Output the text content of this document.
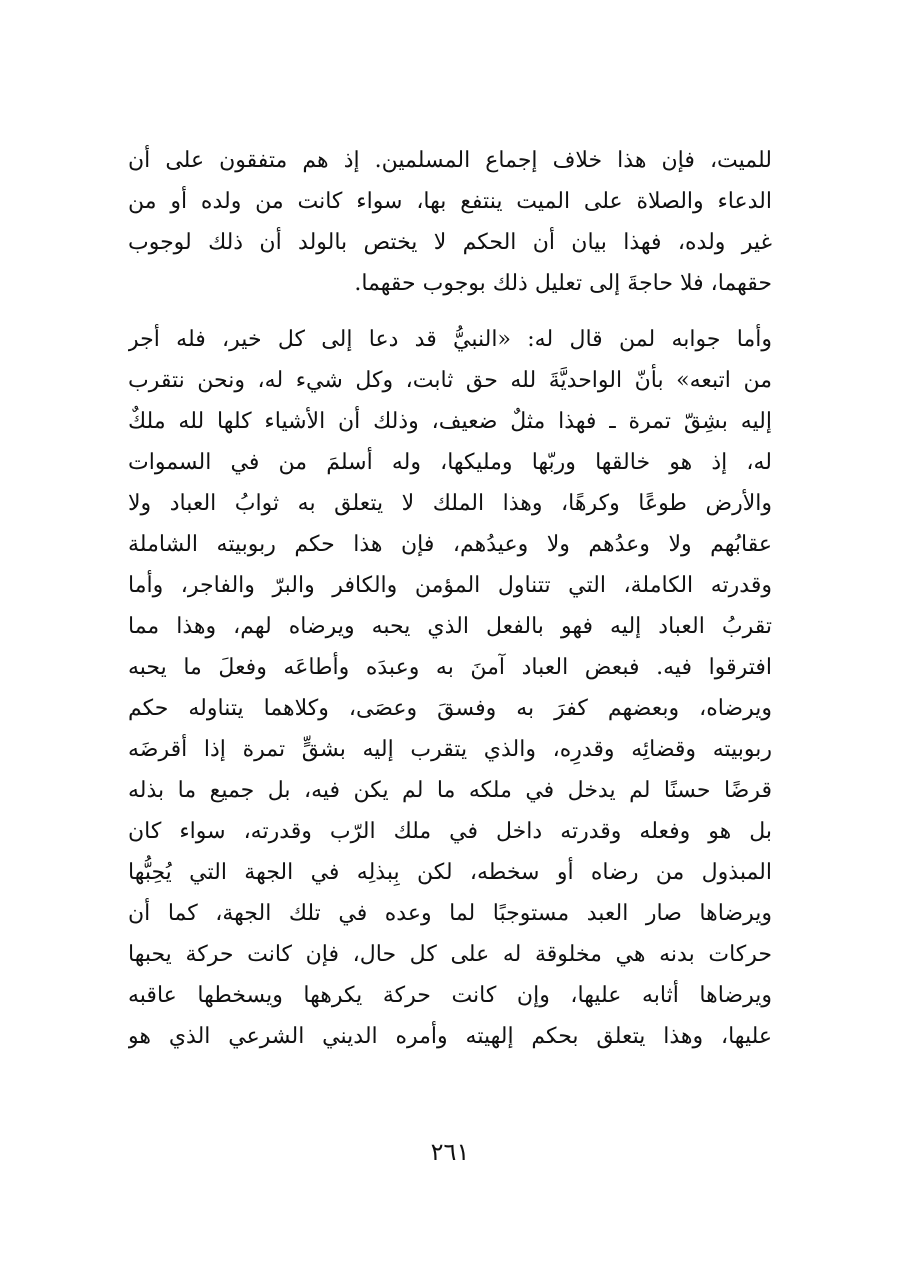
للميت، فإن هذا خلاف إجماع المسلمين. إذ هم متفقون على أن
الدعاء والصلاة على الميت ينتفع بها، سواء كانت من ولده أو من
غير ولده، فهذا بيان أن الحكم لا يختص بالولد أن ذلك لوجوب
حقهما، فلا حاجةَ إلى تعليل ذلك بوجوب حقهما.
وأما جوابه لمن قال له: «النبيُّ قد دعا إلى كل خير، فله أجر
من اتبعه» بأنّ الواحديَّةَ لله حق ثابت، وكل شيء له، ونحن نتقرب
إليه بشِقّ تمرة ـ فهذا مثلٌ ضعيف، وذلك أن الأشياء كلها لله ملكٌ
له، إذ هو خالقها وربّها ومليكها، وله أسلمَ من في السموات
والأرض طوعًا وكرهًا، وهذا الملك لا يتعلق به ثوابُ العباد ولا
عقابُهم ولا وعدُهم ولا وعيدُهم، فإن هذا حكم ربوبيته الشاملة
وقدرته الكاملة، التي تتناول المؤمن والكافر والبرّ والفاجر، وأما
تقربُ العباد إليه فهو بالفعل الذي يحبه ويرضاه لهم، وهذا مما
افترقوا فيه. فبعض العباد آمنَ به وعبدَه وأطاعَه وفعلَ ما يحبه
ويرضاه، وبعضهم كفرَ به وفسقَ وعصَى، وكلاهما يتناوله حكم
ربوبيته وقضائِه وقدرِه، والذي يتقرب إليه بشقٍّ تمرة إذا أقرضَه
قرضًا حسنًا لم يدخل في ملكه ما لم يكن فيه، بل جميع ما بذله
بل هو وفعله وقدرته داخل في ملك الرّب وقدرته، سواء كان
المبذول من رضاه أو سخطه، لكن بِبذلِه في الجهة التي يُحِبُّها
ويرضاها صار العبد مستوجبًا لما وعده في تلك الجهة، كما أن
حركات بدنه هي مخلوقة له على كل حال، فإن كانت حركة يحبها
ويرضاها أثابه عليها، وإن كانت حركة يكرهها ويسخطها عاقبه
عليها، وهذا يتعلق بحكم إلهيته وأمره الديني الشرعي الذي هو
٢٦١
